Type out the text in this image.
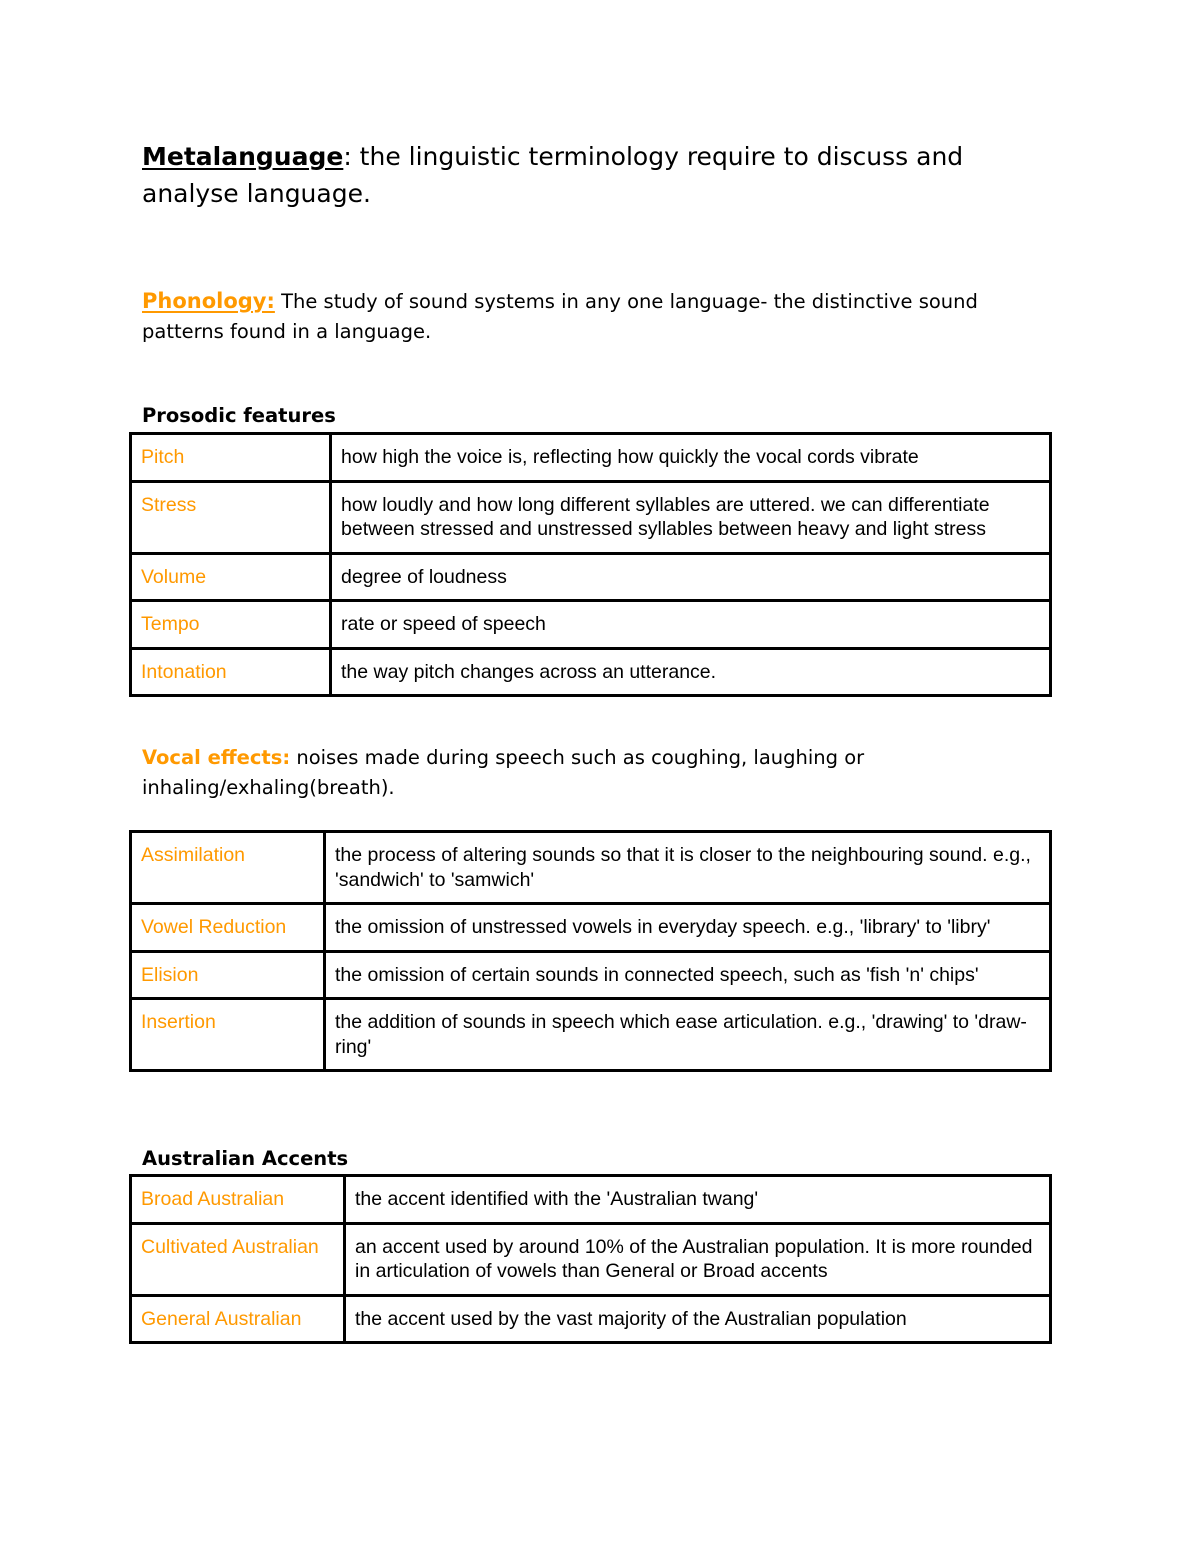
Metalanguage: the linguistic terminology require to discuss and analyse language.

Phonology: The study of sound systems in any one language- the distinctive sound patterns found in a language.

Prosodic features
Pitch	how high the voice is, reflecting how quickly the vocal cords vibrate
Stress	how loudly and how long different syllables are uttered. we can differentiate between stressed and unstressed syllables between heavy and light stress
Volume	degree of loudness
Tempo	rate or speed of speech
Intonation	the way pitch changes across an utterance.

Vocal effects: noises made during speech such as coughing, laughing or inhaling/exhaling(breath).

Assimilation	the process of altering sounds so that it is closer to the neighbouring sound. e.g., 'sandwich' to 'samwich'
Vowel Reduction	the omission of unstressed vowels in everyday speech. e.g., 'library' to 'libry'
Elision	the omission of certain sounds in connected speech, such as 'fish 'n' chips'
Insertion	the addition of sounds in speech which ease articulation. e.g., 'drawing' to 'draw-ring'
Australian Accents
Broad Australian	the accent identified with the 'Australian twang'
Cultivated Australian	an accent used by around 10% of the Australian population. It is more rounded in articulation of vowels than General or Broad accents
General Australian	the accent used by the vast majority of the Australian population
